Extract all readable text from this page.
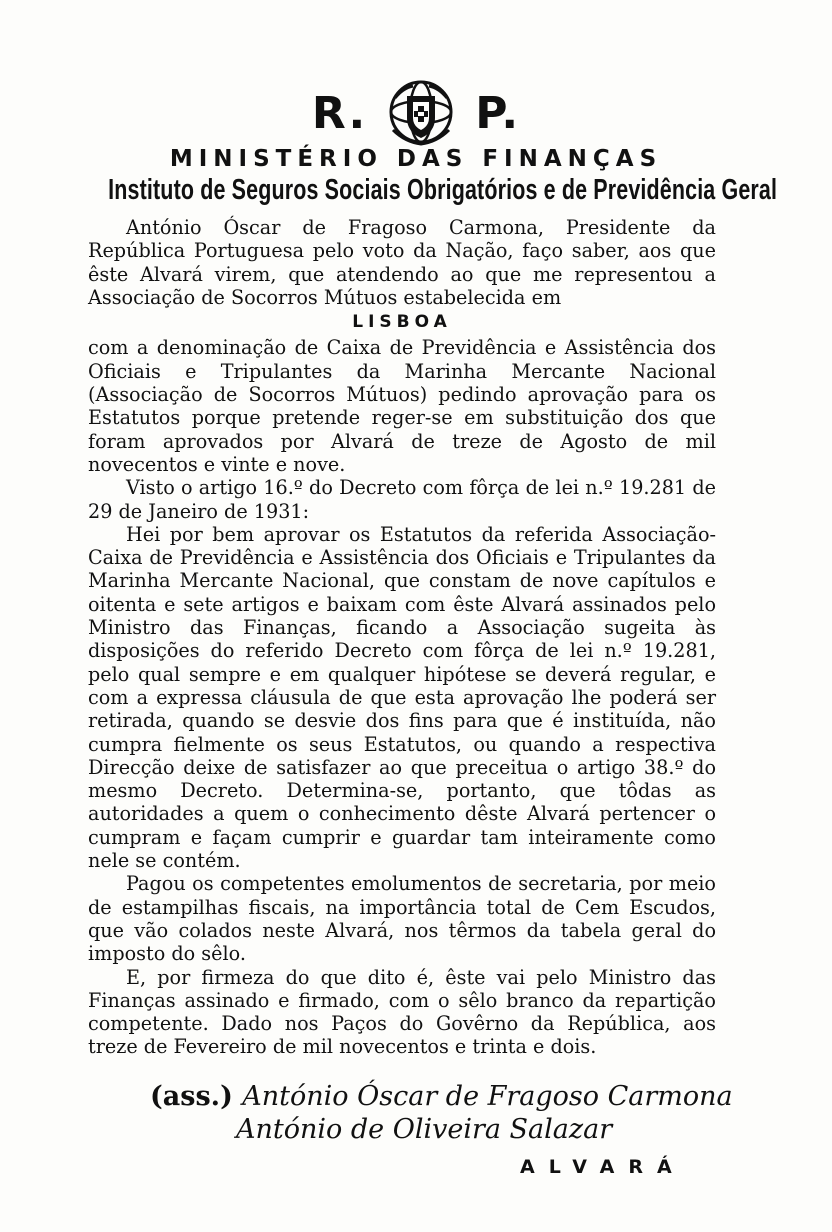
R. P.
MINISTÉRIO DAS FINANÇAS
Instituto de Seguros Sociais Obrigatórios e de Previdência Geral

António Óscar de Fragoso Carmona, Presidente da República Portuguesa pelo voto da Nação, faço saber, aos que êste Alvará virem, que atendendo ao que me representou a Associação de Socorros Mútuos estabelecida em

LISBOA

com a denominação de Caixa de Previdência e Assistência dos Oficiais e Tripulantes da Marinha Mercante Nacional (Associação de Socorros Mútuos) pedindo aprovação para os Estatutos porque pretende reger-se em substituição dos que foram aprovados por Alvará de treze de Agosto de mil novecentos e vinte e nove.

Visto o artigo 16.º do Decreto com fôrça de lei n.º 19.281 de 29 de Janeiro de 1931:

Hei por bem aprovar os Estatutos da referida Associação-Caixa de Previdência e Assistência dos Oficiais e Tripulantes da Marinha Mercante Nacional, que constam de nove capítulos e oitenta e sete artigos e baixam com êste Alvará assinados pelo Ministro das Finanças, ficando a Associação sugeita às disposições do referido Decreto com fôrça de lei n.º 19.281, pelo qual sempre e em qualquer hipótese se deverá regular, e com a expressa cláusula de que esta aprovação lhe poderá ser retirada, quando se desvie dos fins para que é instituída, não cumpra fielmente os seus Estatutos, ou quando a respectiva Direcção deixe de satisfazer ao que preceitua o artigo 38.º do mesmo Decreto. Determina-se, portanto, que tôdas as autoridades a quem o conhecimento dêste Alvará pertencer o cumpram e façam cumprir e guardar tam inteiramente como nele se contém.

Pagou os competentes emolumentos de secretaria, por meio de estampilhas fiscais, na importância total de Cem Escudos, que vão colados neste Alvará, nos têrmos da tabela geral do imposto do sêlo.

E, por firmeza do que dito é, êste vai pelo Ministro das Finanças assinado e firmado, com o sêlo branco da repartição competente. Dado nos Paços do Govêrno da República, aos treze de Fevereiro de mil novecentos e trinta e dois.

(ass.) António Óscar de Fragoso Carmona
António de Oliveira Salazar
ALVARÁ
